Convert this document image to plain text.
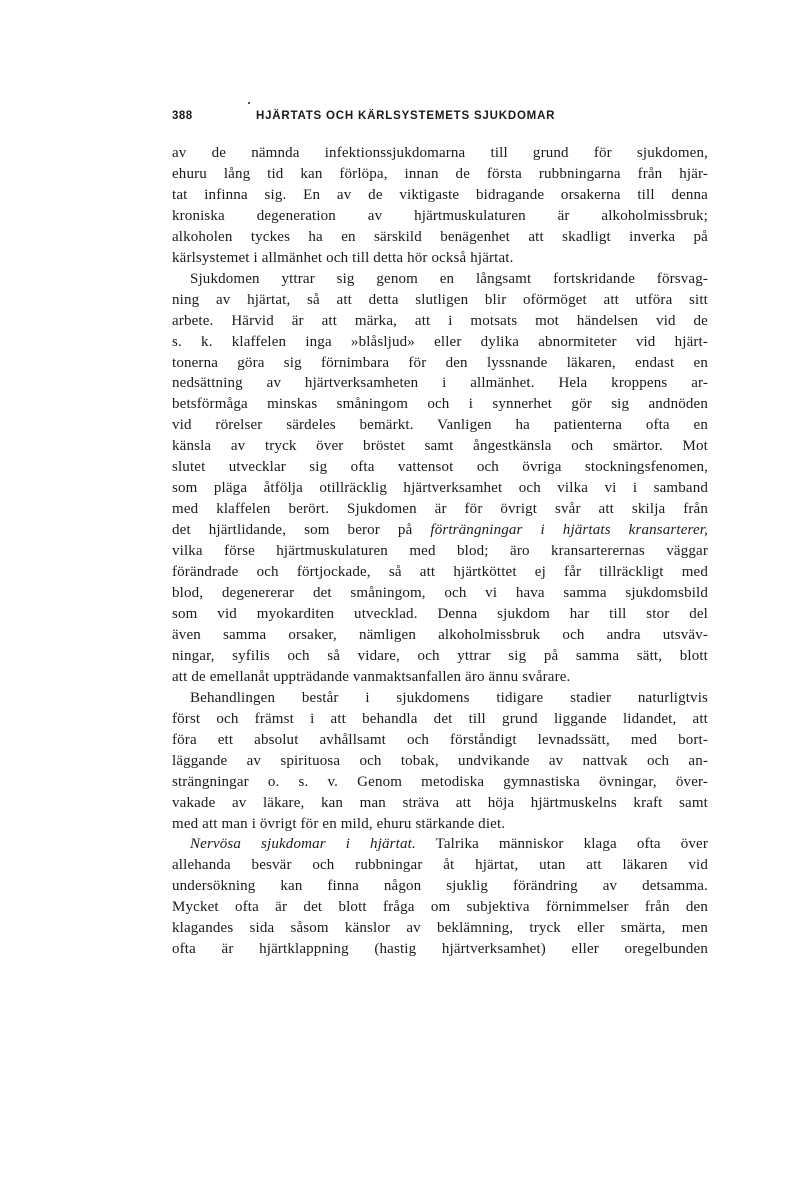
388	HJÄRTATS OCH KÄRLSYSTEMETS SJUKDOMAR

av de nämnda infektionssjukdomarna till grund för sjukdomen,
ehuru lång tid kan förlöpa, innan de första rubbningarna från hjär-
tat infinna sig. En av de viktigaste bidragande orsakerna till denna
kroniska degeneration av hjärtmuskulaturen är alkoholmissbruk;
alkoholen tyckes ha en särskild benägenhet att skadligt inverka på
kärlsystemet i allmänhet och till detta hör också hjärtat.

Sjukdomen yttrar sig genom en långsamt fortskridande försvag-
ning av hjärtat, så att detta slutligen blir oförmöget att utföra sitt
arbete. Härvid är att märka, att i motsats mot händelsen vid de
s. k. klaffelen inga »blåsljud» eller dylika abnormiteter vid hjärt-
tonerna göra sig förnimbara för den lyssnande läkaren, endast en
nedsättning av hjärtverksamheten i allmänhet. Hela kroppens ar-
betsförmåga minskas småningom och i synnerhet gör sig andnöden
vid rörelser särdeles bemärkt. Vanligen ha patienterna ofta en
känsla av tryck över bröstet samt ångestkänsla och smärtor. Mot
slutet utvecklar sig ofta vattensot och övriga stockningsfenomen,
som pläga åtfölja otillräcklig hjärtverksamhet och vilka vi i samband
med klaffelen berört. Sjukdomen är för övrigt svår att skilja från
det hjärtlidande, som beror på förträngningar i hjärtats kransarterer,
vilka förse hjärtmuskulaturen med blod; äro kransarterernas väggar
förändrade och förtjockade, så att hjärtköttet ej får tillräckligt med
blod, degenererar det småningom, och vi hava samma sjukdomsbild
som vid myokarditen utvecklad. Denna sjukdom har till stor del
även samma orsaker, nämligen alkoholmissbruk och andra utsväv-
ningar, syfilis och så vidare, och yttrar sig på samma sätt, blott
att de emellanåt uppträdande vanmaktsanfallen äro ännu svårare.

Behandlingen består i sjukdomens tidigare stadier naturligtvis
först och främst i att behandla det till grund liggande lidandet, att
föra ett absolut avhållsamt och förståndigt levnadssätt, med bort-
läggande av spirituosa och tobak, undvikande av nattvak och an-
strängningar o. s. v. Genom metodiska gymnastiska övningar, över-
vakade av läkare, kan man sträva att höja hjärtmuskelns kraft samt
med att man i övrigt för en mild, ehuru stärkande diet.

Nervösa sjukdomar i hjärtat. Talrika människor klaga ofta över
allehanda besvär och rubbningar åt hjärtat, utan att läkaren vid
undersökning kan finna någon sjuklig förändring av detsamma.
Mycket ofta är det blott fråga om subjektiva förnimmelser från den
klagandes sida såsom känslor av beklämning, tryck eller smärta, men
ofta är hjärtklappning (hastig hjärtverksamhet) eller oregelbunden
